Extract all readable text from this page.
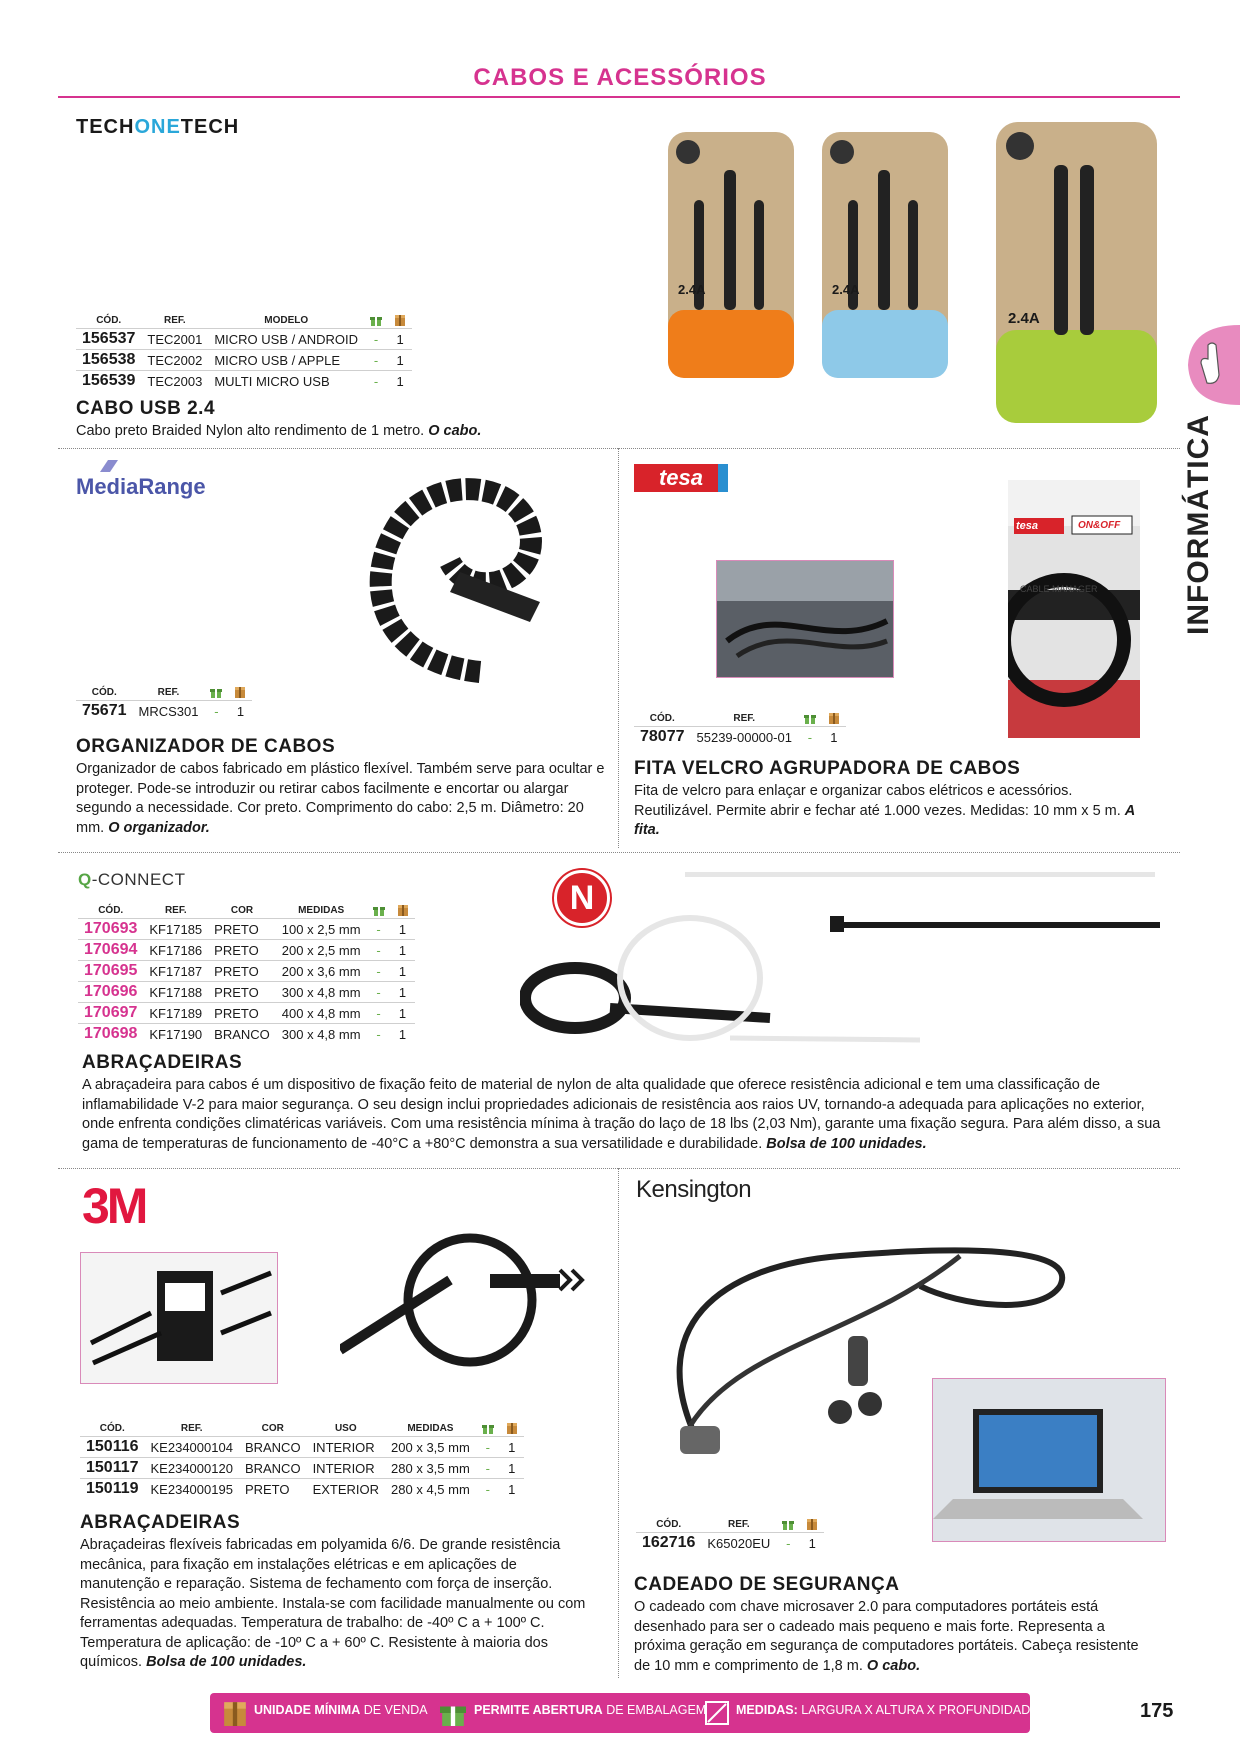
CABOS E ACESSÓRIOS
INFORMÁTICA
TECHONETECH
CÓD.	REF.	MODELO		
156537	TEC2001	MICRO USB / ANDROID	-	1
156538	TEC2002	MICRO USB / APPLE	-	1
156539	TEC2003	MULTI MICRO USB	-	1
CABO USB 2.4
Cabo preto Braided Nylon alto rendimento de 1 metro. O cabo.
2.4A	2.4A
2.4A
MediaRange
CÓD.	REF.		
75671	MRCS301	-	1
ORGANIZADOR DE CABOS
Organizador de cabos fabricado em plástico flexível. Também serve para ocultar e proteger. Pode-se introduzir ou retirar cabos facilmente e encortar ou alargar segundo a necessidade. Cor preto. Comprimento do cabo: 2,5 m. Diâmetro: 20 mm. O organizador.
tesa
tesa	ON&OFF
CABLE MANAGER
CÓD.	REF.		
78077	55239-00000-01	-	1
FITA VELCRO AGRUPADORA DE CABOS
Fita de velcro para enlaçar e organizar cabos elétricos e acessórios. Reutilizável. Permite abrir e fechar até 1.000 vezes. Medidas: 10 mm x 5 m. A fita.
Q-CONNECT
CÓD.	REF.	COR	MEDIDAS		
170693	KF17185	PRETO	100 x 2,5 mm	-	1
170694	KF17186	PRETO	200 x 2,5 mm	-	1
170695	KF17187	PRETO	200 x 3,6 mm	-	1
170696	KF17188	PRETO	300 x 4,8 mm	-	1
170697	KF17189	PRETO	400 x 4,8 mm	-	1
170698	KF17190	BRANCO	300 x 4,8 mm	-	1
N
ABRAÇADEIRAS
A abraçadeira para cabos é um dispositivo de fixação feito de material de nylon de alta qualidade que oferece resistência adicional e tem uma classificação de inflamabilidade V-2 para maior segurança. O seu design inclui propriedades adicionais de resistência aos raios UV, tornando-a adequada para aplicações no exterior, onde enfrenta condições climatéricas variáveis. Com uma resistência mínima à tração do laço de 18 lbs (2,03 Nm), garante uma fixação segura. Para além disso, a sua gama de temperaturas de funcionamento de -40°C a +80°C demonstra a sua versatilidade e durabilidade. Bolsa de 100 unidades.
3M
CÓD.	REF.	COR	USO	MEDIDAS		
150116	KE234000104	BRANCO	INTERIOR	200 x 3,5 mm	-	1
150117	KE234000120	BRANCO	INTERIOR	280 x 3,5 mm	-	1
150119	KE234000195	PRETO	EXTERIOR	280 x 4,5 mm	-	1
ABRAÇADEIRAS
Abraçadeiras flexíveis fabricadas em polyamida 6/6. De grande resistência mecânica, para fixação em instalações elétricas e em aplicações de manutenção e reparação. Sistema de fechamento com força de inserção. Resistência ao meio ambiente. Instala-se com facilidade manualmente ou com ferramentas adequadas. Temperatura de trabalho: de -40º C a + 100º C. Temperatura de aplicação: de -10º C a + 60º C. Resistente à maioria dos químicos. Bolsa de 100 unidades.
Kensington
CÓD.	REF.		
162716	K65020EU	-	1
CADEADO DE SEGURANÇA
O cadeado com chave microsaver 2.0 para computadores portáteis está desenhado para ser o cadeado mais pequeno e mais forte. Representa a próxima geração em segurança de computadores portáteis. Cabeça resistente de 10 mm e comprimento de 1,8 m. O cabo.
UNIDADE MÍNIMA DE VENDA	PERMITE ABERTURA DE EMBALAGEM MEDIDAS: LARGURA X ALTURA X PROFUNDIDADE	175
